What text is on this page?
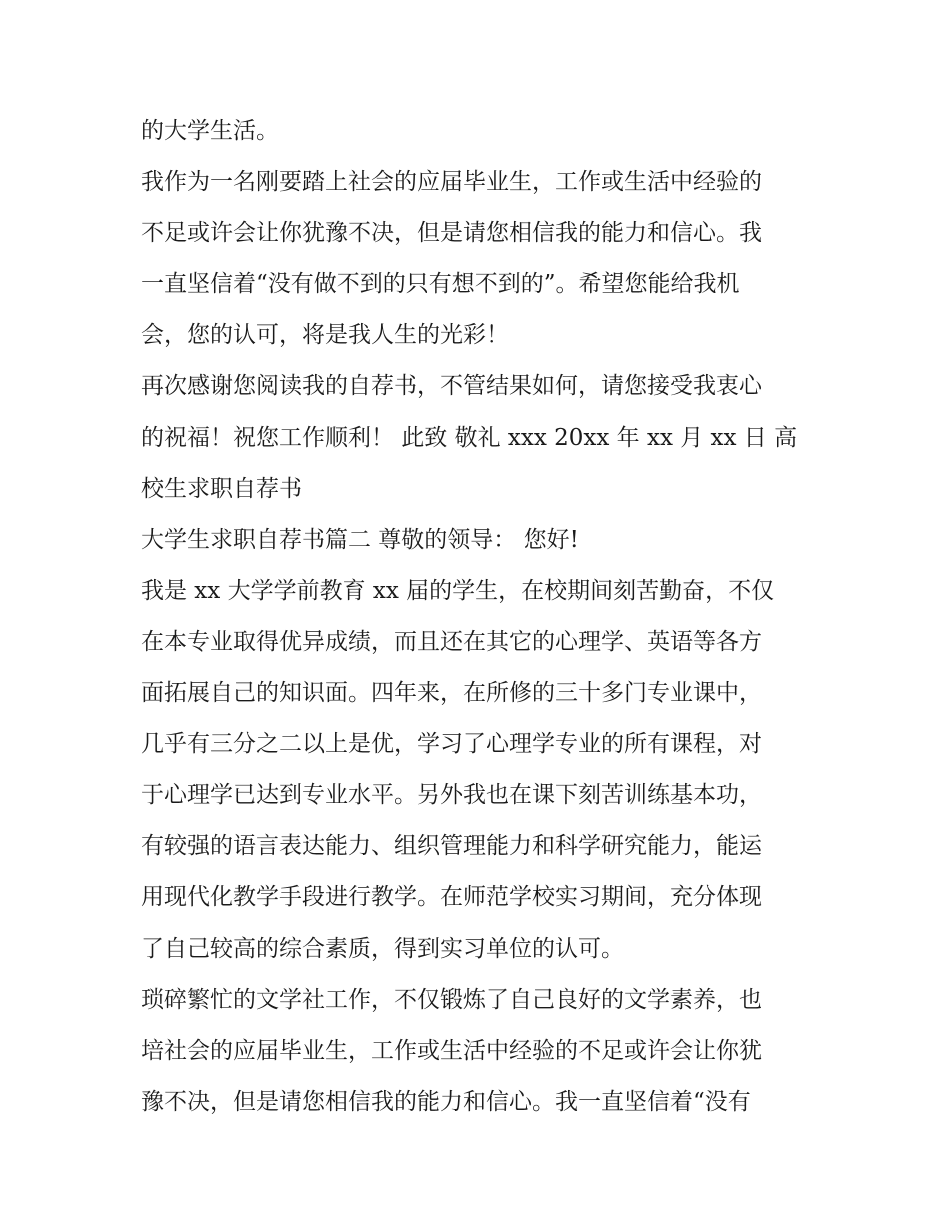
的大学生活。
我作为一名刚要踏上社会的应届毕业生，工作或生活中经验的
不足或许会让你犹豫不决，但是请您相信我的能力和信心。我
一直坚信着“没有做不到的只有想不到的”。希望您能给我机
会，您的认可，将是我人生的光彩！
再次感谢您阅读我的自荐书，不管结果如何，请您接受我衷心
的祝福！祝您工作顺利！ 此致 敬礼 xxx 20xx 年 xx 月 xx 日 高
校生求职自荐书
大学生求职自荐书篇二 尊敬的领导： 您好!
我是 xx 大学学前教育 xx 届的学生，在校期间刻苦勤奋，不仅
在本专业取得优异成绩，而且还在其它的心理学、英语等各方
面拓展自己的知识面。四年来，在所修的三十多门专业课中，
几乎有三分之二以上是优，学习了心理学专业的所有课程，对
于心理学已达到专业水平。另外我也在课下刻苦训练基本功，
有较强的语言表达能力、组织管理能力和科学研究能力，能运
用现代化教学手段进行教学。在师范学校实习期间，充分体现
了自己较高的综合素质，得到实习单位的认可。
琐碎繁忙的文学社工作，不仅锻炼了自己良好的文学素养，也
培社会的应届毕业生，工作或生活中经验的不足或许会让你犹
豫不决，但是请您相信我的能力和信心。我一直坚信着“没有
